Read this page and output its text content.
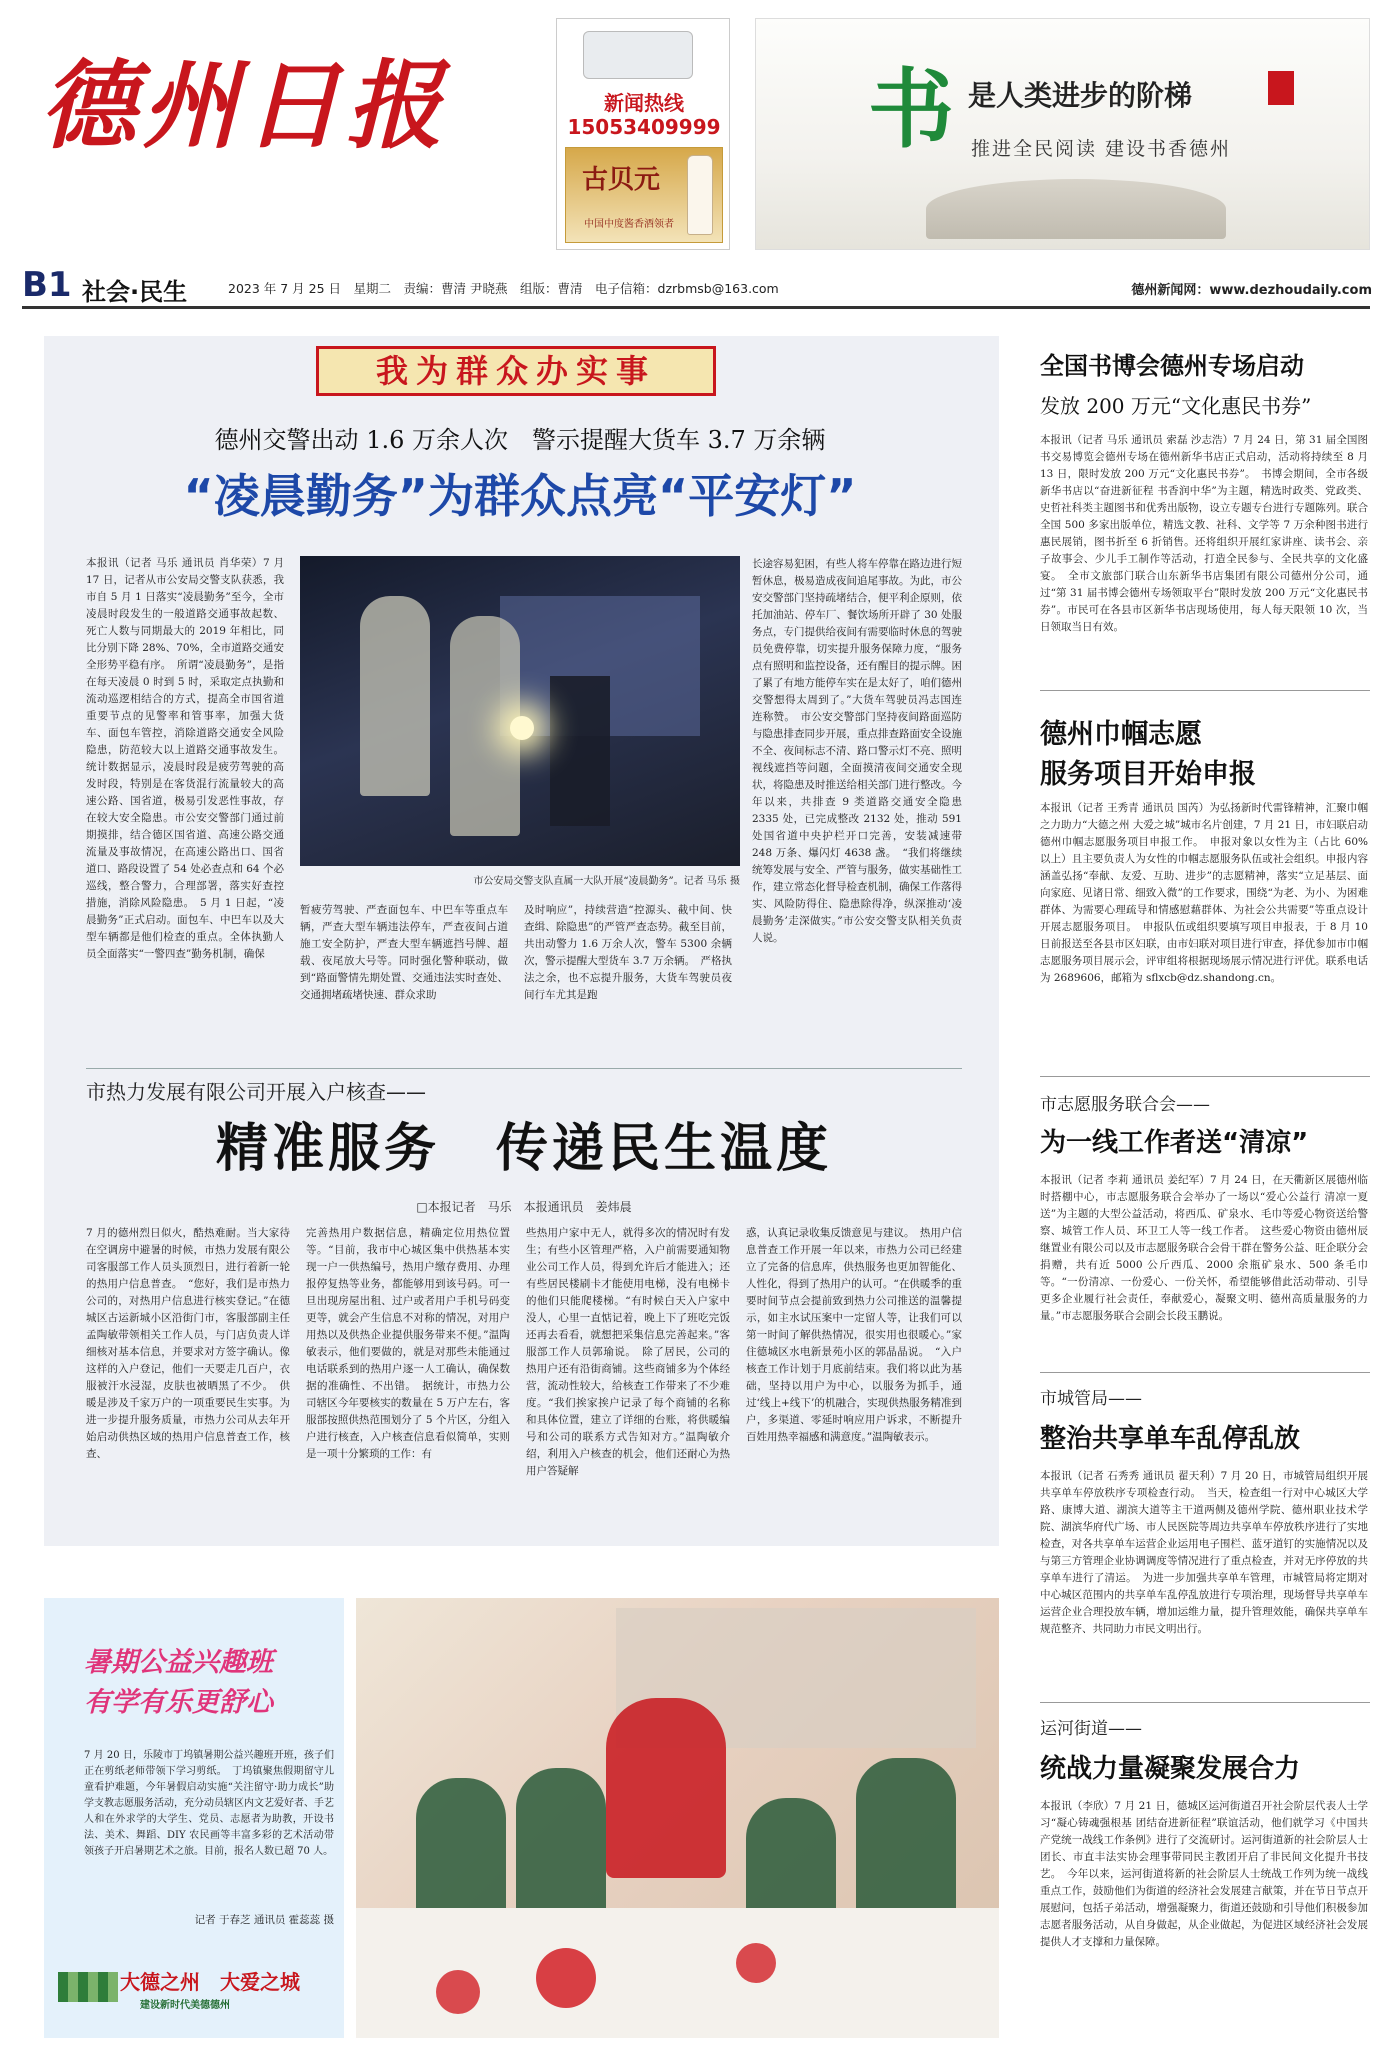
德州日报	新闻热线
15053409999
古贝元
中国中度酱香酒领者
书 是人类进步的阶梯
推进全民阅读 建设书香德州
B1 社会·民生	2023 年 7 月 25 日　星期二　责编：曹清 尹晓燕　组版：曹清　电子信箱：dzrbmsb@163.com	德州新闻网：www.dezhoudaily.com
我为群众办实事
德州交警出动 1.6 万余人次　警示提醒大货车 3.7 万余辆
“凌晨勤务”为群众点亮“平安灯”
本报讯（记者 马乐 通讯员 肖华荣）7 月 17 日，记者从市公安局交警支队获悉，我市自 5 月 1 日落实“凌晨勤务”至今，全市凌晨时段发生的一般道路交通事故起数、死亡人数与同期最大的 2019 年相比，同比分别下降 28%、70%，全市道路交通安全形势平稳有序。　所谓“凌晨勤务”，是指在每天凌晨 0 时到 5 时，采取定点执勤和流动巡逻相结合的方式，提高全市国省道重要节点的见警率和管事率，加强大货车、面包车管控，消除道路交通安全风险隐患，防范较大以上道路交通事故发生。统计数据显示，凌晨时段是疲劳驾驶的高发时段，特别是在客货混行流量较大的高速公路、国省道，极易引发恶性事故，存在较大安全隐患。市公安交警部门通过前期摸排，结合德区国省道、高速公路交通流量及事故情况，在高速公路出口、国省道口、路段设置了 54 处必查点和 64 个必巡线，整合警力，合理部署，落实好查控措施，消除风险隐患。　5 月 1 日起，“凌晨勤务”正式启动。面包车、中巴车以及大型车辆都是他们检查的重点。全体执勤人员全面落实“一警四查”勤务机制，确保
市公安局交警支队直属一大队开展“凌晨勤务”。记者 马乐 摄
暂疲劳驾驶、严查面包车、中巴车等重点车辆，严查大型车辆违法停车，严查夜间占道施工安全防护，严查大型车辆遮挡号牌、超载、夜尾放大号等。同时强化警种联动，做到“路面警情先期处置、交通违法实时查处、交通拥堵疏堵快速、群众求助
及时响应”，持续营造“控源头、截中间、快查缉、除隐患”的严管严查态势。截至目前，共出动警力 1.6 万余人次，警车 5300 余辆次，警示提醒大型货车 3.7 万余辆。　严格执法之余，也不忘提升服务，大货车驾驶员夜间行车尤其是跑
长途容易犯困，有些人将车停靠在路边进行短暂休息，极易造成夜间追尾事故。为此，市公安交警部门坚持疏堵结合，便平利企原则，依托加油站、停车厂、餐饮场所开辟了 30 处服务点，专门提供给夜间有需要临时休息的驾驶员免费停靠，切实提升服务保障力度，“服务点有照明和监控设备，还有醒目的提示牌。困了累了有地方能停车实在是太好了，咱们德州交警想得太周到了。”大货车驾驶员冯志国连连称赞。　市公安交警部门坚持夜间路面巡防与隐患排查同步开展，重点排查路面安全设施不全、夜间标志不清、路口警示灯不亮、照明视线遮挡等问题，全面摸清夜间交通安全现状，将隐患及时推送给相关部门进行整改。今年以来，共排查 9 类道路交通安全隐患 2335 处，已完成整改 2132 处，推动 591 处国省道中央护栏开口完善，安装减速带 248 万条、爆闪灯 4638 盏。　“我们将继续统筹发展与安全、严管与服务，做实基础性工作，建立常态化督导检查机制，确保工作落得实、风险防得住、隐患除得净，纵深推动‘凌晨勤务’走深做实。”市公安交警支队相关负责人说。
市热力发展有限公司开展入户核查——
精准服务　传递民生温度
□本报记者　马乐　本报通讯员　姜炜晨
7 月的德州烈日似火，酷热难耐。当大家待在空调房中避暑的时候，市热力发展有限公司客服部工作人员头顶烈日，进行着新一轮的热用户信息普查。　“您好，我们是市热力公司的，对热用户信息进行核实登记。”在德城区古运新城小区沿街门市，客服部副主任孟陶敏带领相关工作人员，与门店负责人详细核对基本信息，并要求对方签字确认。像这样的入户登记，他们一天要走几百户，衣服被汗水浸湿，皮肤也被晒黑了不少。　供暖是涉及千家万户的一项重要民生实事。为进一步提升服务质量，市热力公司从去年开始启动供热区域的热用户信息普查工作，核查、
完善热用户数据信息，精确定位用热位置等。“目前，我市中心城区集中供热基本实现一户一供热编号，热用户缴存费用、办理报停复热等业务，都能够用到该号码。可一旦出现房屋出租、过户或者用户手机号码变更等，就会产生信息不对称的情况，对用户用热以及供热企业提供服务带来不便。”温陶敏表示，他们要做的，就是对那些未能通过电话联系到的热用户逐一人工确认，确保数据的准确性、不出错。　据统计，市热力公司辖区今年要核实的数量在 5 万户左右，客服部按照供热范围划分了 5 个片区，分组入户进行核查，入户核查信息看似简单，实则是一项十分繁琐的工作：有
些热用户家中无人，就得多次的情况时有发生；有些小区管理严格，入户前需要通知物业公司工作人员，得到允许后才能进入；还有些居民楼刷卡才能使用电梯，没有电梯卡的他们只能爬楼梯。“有时候白天入户家中没人，心里一直惦记着，晚上下了班吃完饭还再去看看，就想把采集信息完善起来。”客服部工作人员郭瑜说。　除了居民，公司的热用户还有沿街商铺。这些商铺多为个体经营，流动性较大，给核查工作带来了不少难度。“我们挨家挨户记录了每个商铺的名称和具体位置，建立了详细的台账，将供暖编号和公司的联系方式告知对方。”温陶敏介绍，利用入户核查的机会，他们还耐心为热用户答疑解
惑，认真记录收集反馈意见与建议。　热用户信息普查工作开展一年以来，市热力公司已经建立了完备的信息库，供热服务也更加智能化、人性化，得到了热用户的认可。“在供暖季的重要时间节点会提前致到热力公司推送的温馨提示，如主水试压案中一定留人等，让我们可以第一时间了解供热情况，很实用也很暖心。”家住德城区水电新景苑小区的郭晶晶说。　“入户核查工作计划于月底前结束。我们将以此为基础，坚持以用户为中心，以服务为抓手，通过‘线上+线下’的机融合，实现供热服务精准到户，多渠道、零延时响应用户诉求，不断提升百姓用热幸福感和满意度。”温陶敏表示。
暑期公益兴趣班
有学有乐更舒心
7 月 20 日，乐陵市丁坞镇暑期公益兴趣班开班，孩子们正在剪纸老师带领下学习剪纸。　丁坞镇聚焦假期留守儿童看护难题，今年暑假启动实施“关注留守·助力成长”助学支教志愿服务活动，充分动员辖区内文艺爱好者、手艺人和在外求学的大学生、党员、志愿者为助教，开设书法、美术、舞蹈、DIY 农民画等丰富多彩的艺术活动带领孩子开启暑期艺术之旅。目前，报名人数已超 70 人。
记者 于春芝 通讯员 霍蕊蕊 摄
大德之州　大爱之城
建设新时代美德德州
全国书博会德州专场启动
发放 200 万元“文化惠民书券”
本报讯（记者 马乐 通讯员 索磊 沙志浩）7 月 24 日，第 31 届全国图书交易博览会德州专场在德州新华书店正式启动，活动将持续至 8 月 13 日，限时发放 200 万元“文化惠民书券”。　书博会期间，全市各级新华书店以“奋进新征程 书香润中华”为主题，精选时政类、党政类、史哲社科类主题图书和优秀出版物，设立专题专台进行专题陈列。联合全国 500 多家出版单位，精选文教、社科、文学等 7 万余种图书进行惠民展销，图书折至 6 折销售。还将组织开展红家讲座、读书会、亲子故事会、少儿手工制作等活动，打造全民参与、全民共享的文化盛宴。　全市文旅部门联合山东新华书店集团有限公司德州分公司，通过“第 31 届书博会德州专场领取平台”限时发放 200 万元“文化惠民书券”。市民可在各县市区新华书店现场使用，每人每天限领 10 次，当日领取当日有效。
德州巾帼志愿
服务项目开始申报
本报讯（记者 王秀青 通讯员 国芮）为弘扬新时代雷锋精神，汇聚巾帼之力助力“大德之州 大爱之城”城市名片创建，7 月 21 日，市妇联启动德州巾帼志愿服务项目申报工作。　申报对象以女性为主（占比 60% 以上）且主要负责人为女性的巾帼志愿服务队伍或社会组织。申报内容涵盖弘扬“奉献、友爱、互助、进步”的志愿精神，落实“立足基层、面向家庭、见诸日常、细致入微”的工作要求，围绕“为老、为小、为困难群体、为需要心理疏导和情感慰藉群体、为社会公共需要”等重点设计开展志愿服务项目。　申报队伍或组织要填写项目申报表，于 8 月 10 日前报送至各县市区妇联，由市妇联对项目进行审查，择优参加市巾帼志愿服务项目展示会，评审组将根据现场展示情况进行评优。联系电话为 2689606，邮箱为 sflxcb@dz.shandong.cn。
市志愿服务联合会——
为一线工作者送“清凉”
本报讯（记者 李莉 通讯员 姜纪军）7 月 24 日，在天衢新区展德州临时搭棚中心，市志愿服务联合会举办了一场以“爱心公益行 清凉一夏送”为主题的大型公益活动，将西瓜、矿泉水、毛巾等爱心物资送给警察、城管工作人员、环卫工人等一线工作者。　这些爱心物资由德州辰继置业有限公司以及市志愿服务联合会骨干群在警务公益、旺企联分会捐赠，共有近 5000 公斤西瓜、2000 余瓶矿泉水、500 条毛巾等。“一份清凉、一份爱心、一份关怀，希望能够借此活动带动、引导更多企业履行社会责任，奉献爱心，凝聚文明、德州高质量服务的力量。”市志愿服务联合会副会长段玉鹏说。
市城管局——
整治共享单车乱停乱放
本报讯（记者 石秀秀 通讯员 翟天利）7 月 20 日，市城管局组织开展共享单车停放秩序专项检查行动。　当天，检查组一行对中心城区大学路、康博大道、湖滨大道等主干道两侧及德州学院、德州职业技术学院、湖滨华府代广场、市人民医院等周边共享单车停放秩序进行了实地检查，对各共享单车运营企业运用电子围栏、蓝牙道钉的实施情况以及与第三方管理企业协调调度等情况进行了重点检查，并对无序停放的共享单车进行了清运。　为进一步加强共享单车管理，市城管局将定期对中心城区范围内的共享单车乱停乱放进行专项治理，现场督导共享单车运营企业合理投放车辆，增加运维力量，提升管理效能，确保共享单车规范整齐、共同助力市民文明出行。
运河街道——
统战力量凝聚发展合力
本报讯（李欣）7 月 21 日，德城区运河街道召开社会阶层代表人士学习“凝心铸魂强根基 团结奋进新征程”联谊活动，他们就学习《中国共产党统一战线工作条例》进行了交流研讨。运河街道新的社会阶层人士团长、市直丰法实协会理事带同民主教团开启了非民间文化提升书技艺。　今年以来，运河街道将新的社会阶层人士统战工作列为统一战线重点工作，鼓励他们为街道的经济社会发展建言献策，并在节日节点开展慰问，包括子弟活动，增强凝聚力，街道还鼓励和引导他们积极参加志愿者服务活动，从自身做起，从企业做起，为促进区域经济社会发展提供人才支撑和力量保障。
